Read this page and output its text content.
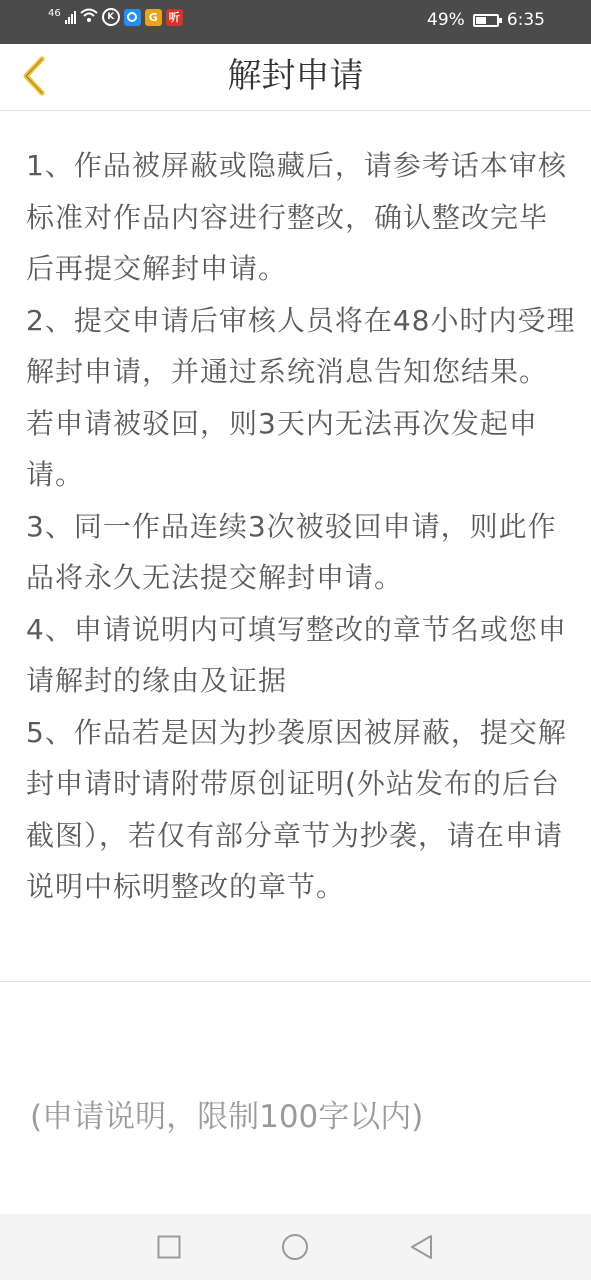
46	K	G 听	49% 6:35
解封申请

1、作品被屏蔽或隐藏后，请参考话本审核标准对作品内容进行整改，确认整改完毕后再提交解封申请。

2、提交申请后审核人员将在48小时内受理解封申请，并通过系统消息告知您结果。若申请被驳回，则3天内无法再次发起申请。

3、同一作品连续3次被驳回申请，则此作品将永久无法提交解封申请。

4、申请说明内可填写整改的章节名或您申请解封的缘由及证据

5、作品若是因为抄袭原因被屏蔽，提交解封申请时请附带原创证明(外站发布的后台截图），若仅有部分章节为抄袭，请在申请说明中标明整改的章节。

(申请说明，限制100字以内)
